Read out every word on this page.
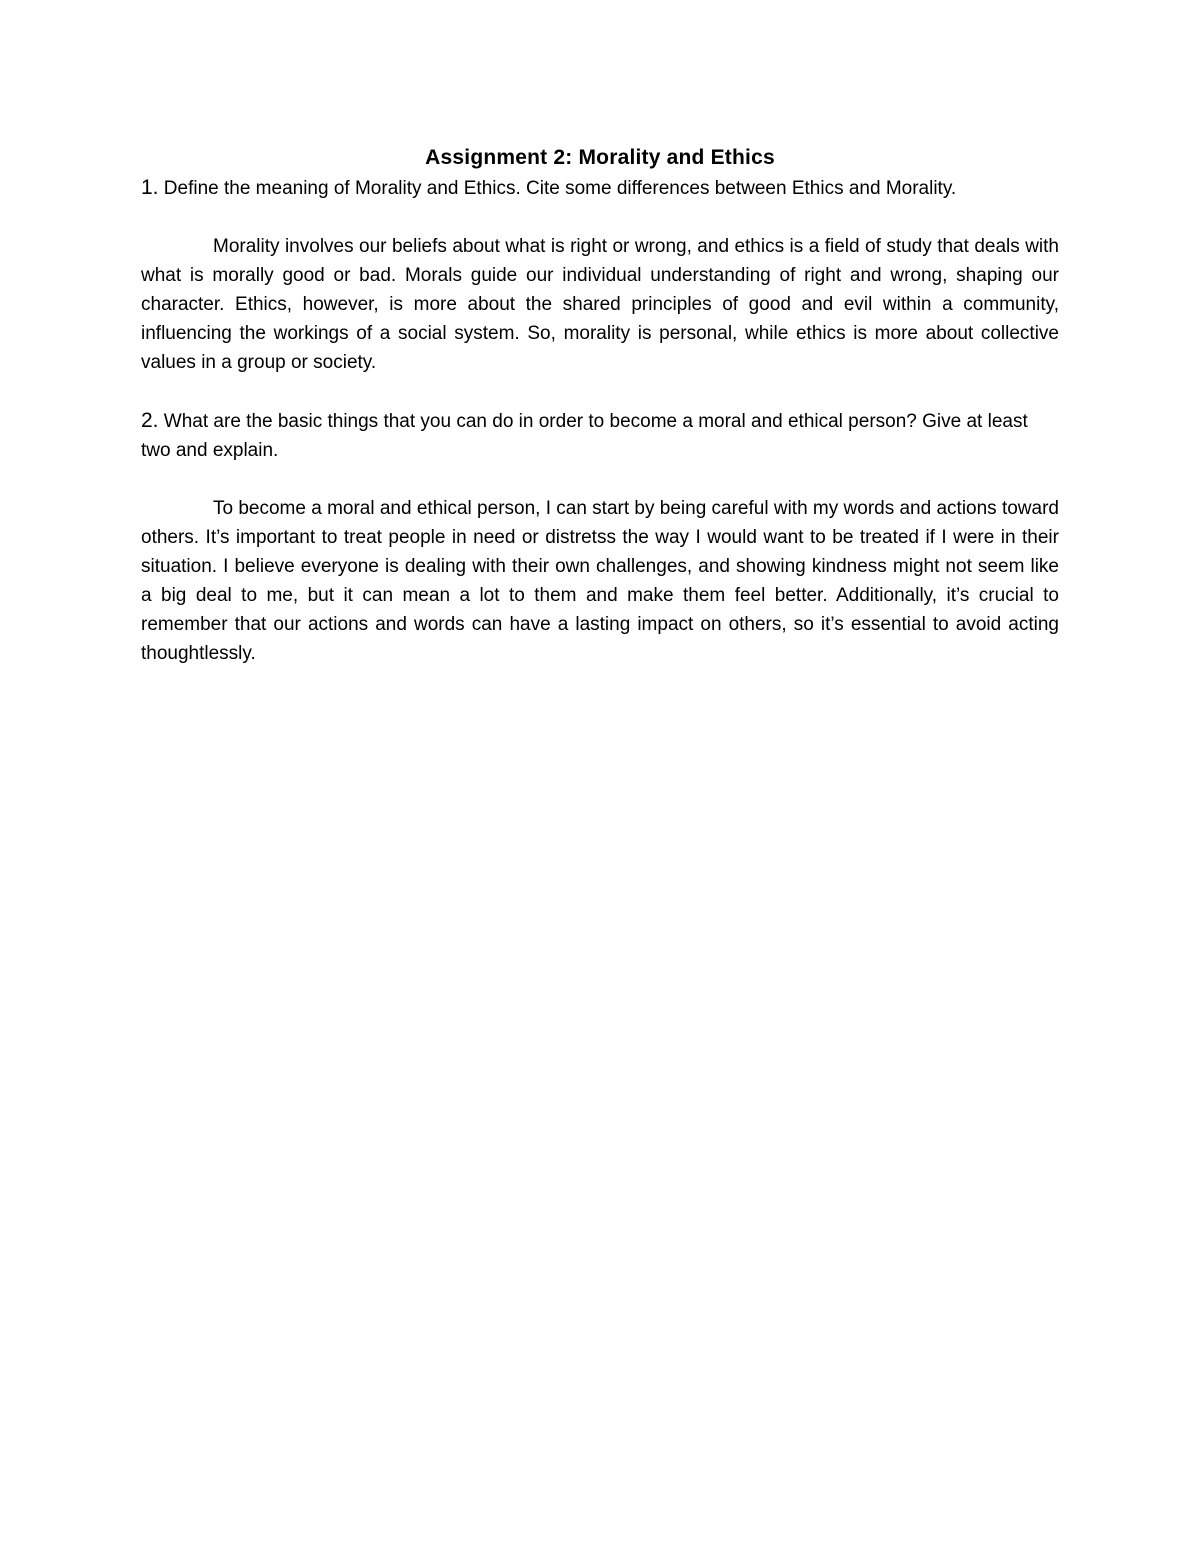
Assignment 2: Morality and Ethics

1. Define the meaning of Morality and Ethics. Cite some differences between Ethics and Morality.

Morality involves our beliefs about what is right or wrong, and ethics is a field of study that deals with what is morally good or bad. Morals guide our individual understanding of right and wrong, shaping our character. Ethics, however, is more about the shared principles of good and evil within a community, influencing the workings of a social system. So, morality is personal, while ethics is more about collective values in a group or society.

2. What are the basic things that you can do in order to become a moral and ethical person? Give at least two and explain.

To become a moral and ethical person, I can start by being careful with my words and actions toward others. It’s important to treat people in need or distretss the way I would want to be treated if I were in their situation. I believe everyone is dealing with their own challenges, and showing kindness might not seem like a big deal to me, but it can mean a lot to them and make them feel better. Additionally, it’s crucial to remember that our actions and words can have a lasting impact on others, so it’s essential to avoid acting thoughtlessly.
